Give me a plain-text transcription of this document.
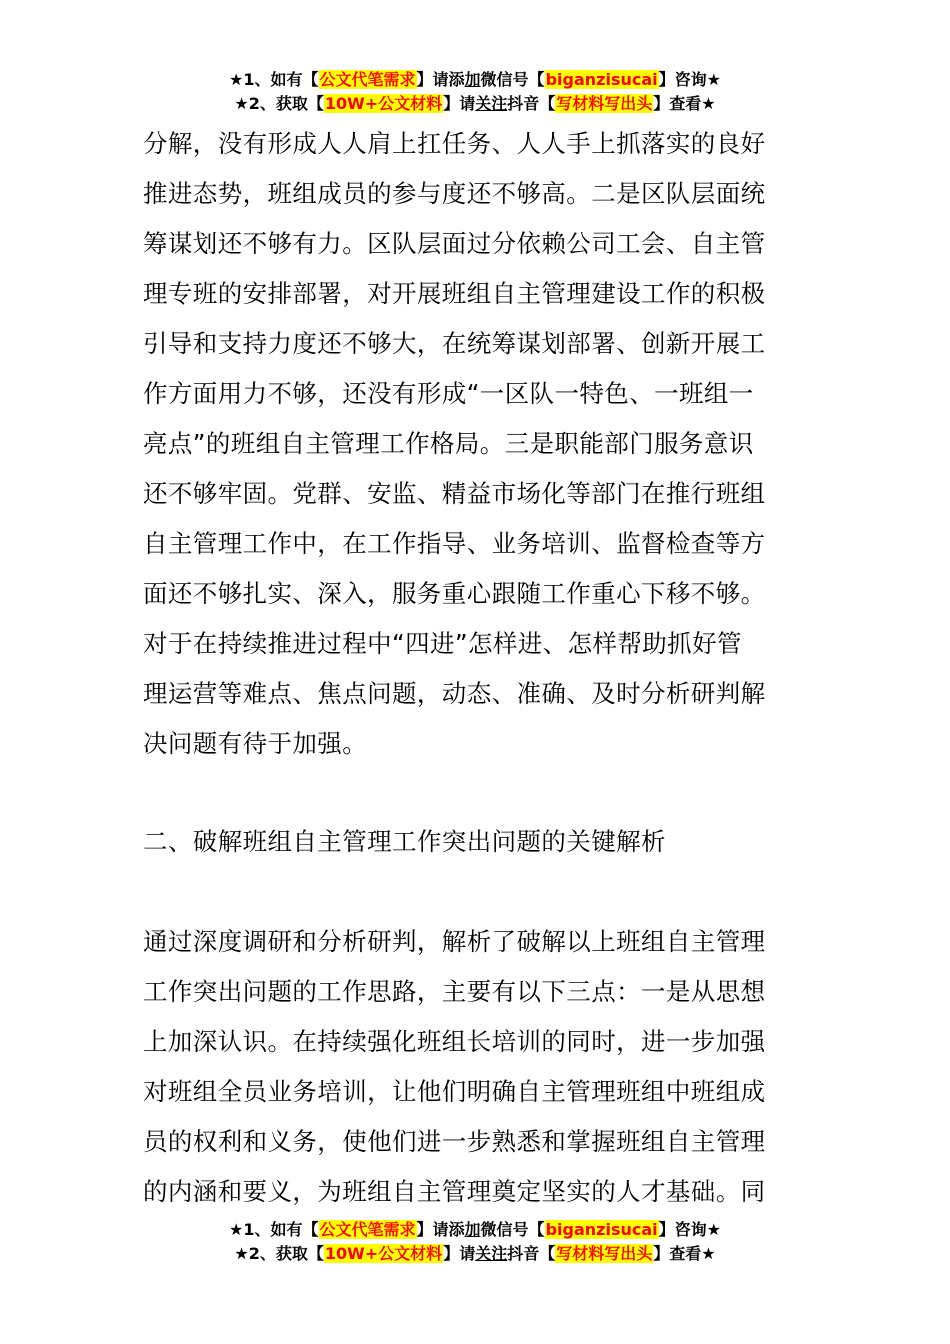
★1、如有【公文代笔需求】请添加微信号【biganzisucai】咨询★
★2、获取【10W+公文材料】请关注抖音【写材料写出头】查看★
分解，没有形成人人肩上扛任务、人人手上抓落实的良好
推进态势，班组成员的参与度还不够高。二是区队层面统
筹谋划还不够有力。区队层面过分依赖公司工会、自主管
理专班的安排部署，对开展班组自主管理建设工作的积极
引导和支持力度还不够大，在统筹谋划部署、创新开展工
作方面用力不够，还没有形成“一区队一特色、一班组一
亮点”的班组自主管理工作格局。三是职能部门服务意识
还不够牢固。党群、安监、精益市场化等部门在推行班组
自主管理工作中，在工作指导、业务培训、监督检查等方
面还不够扎实、深入，服务重心跟随工作重心下移不够。
对于在持续推进过程中“四进”怎样进、怎样帮助抓好管
理运营等难点、焦点问题，动态、准确、及时分析研判解
决问题有待于加强。
二、破解班组自主管理工作突出问题的关键解析
通过深度调研和分析研判，解析了破解以上班组自主管理
工作突出问题的工作思路，主要有以下三点：一是从思想
上加深认识。在持续强化班组长培训的同时，进一步加强
对班组全员业务培训，让他们明确自主管理班组中班组成
员的权利和义务，使他们进一步熟悉和掌握班组自主管理
的内涵和要义，为班组自主管理奠定坚实的人才基础。同
★1、如有【公文代笔需求】请添加微信号【biganzisucai】咨询★
★2、获取【10W+公文材料】请关注抖音【写材料写出头】查看★
